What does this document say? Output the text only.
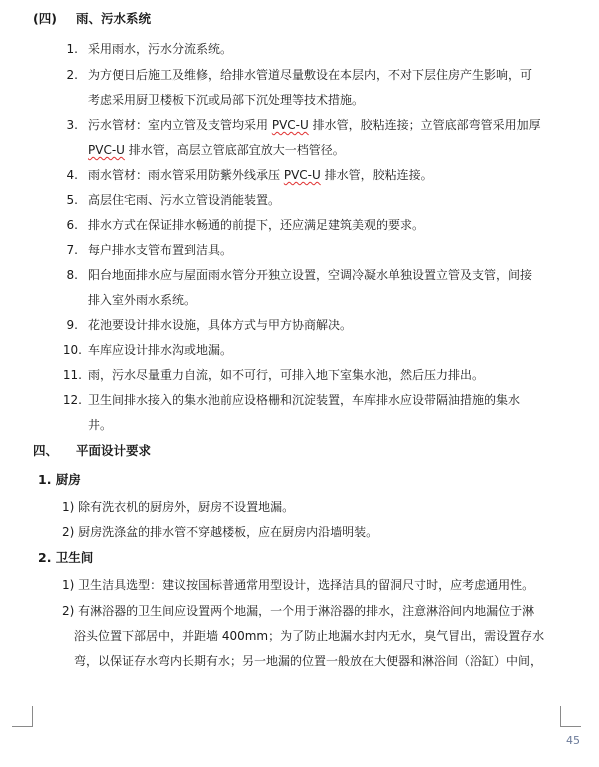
(四) 雨、污水系统
1. 采用雨水，污水分流系统。
2. 为方便日后施工及维修，给排水管道尽量敷设在本层内，不对下层住房产生影响，可
考虑采用厨卫楼板下沉或局部下沉处理等技术措施。
3. 污水管材：室内立管及支管均采用 PVC-U 排水管，胶粘连接；立管底部弯管采用加厚
PVC-U 排水管，高层立管底部宜放大一档管径。
4. 雨水管材：雨水管采用防紫外线承压 PVC-U 排水管，胶粘连接。
5. 高层住宅雨、污水立管设消能装置。
6. 排水方式在保证排水畅通的前提下，还应满足建筑美观的要求。
7. 每户排水支管布置到洁具。
8. 阳台地面排水应与屋面雨水管分开独立设置，空调冷凝水单独设置立管及支管，间接
排入室外雨水系统。
9. 花池要设计排水设施，具体方式与甲方协商解决。
10. 车库应设计排水沟或地漏。
11. 雨，污水尽量重力自流，如不可行，可排入地下室集水池，然后压力排出。
12. 卫生间排水接入的集水池前应设格栅和沉淀装置，车库排水应设带隔油措施的集水
井。
四、 平面设计要求
1. 厨房
1) 除有洗衣机的厨房外，厨房不设置地漏。
2) 厨房洗涤盆的排水管不穿越楼板，应在厨房内沿墙明装。
2. 卫生间
1) 卫生洁具选型：建议按国标普通常用型设计，选择洁具的留洞尺寸时，应考虑通用性。
2) 有淋浴器的卫生间应设置两个地漏，一个用于淋浴器的排水，注意淋浴间内地漏位于淋
浴头位置下部居中，并距墙 400mm；为了防止地漏水封内无水，臭气冒出，需设置存水
弯，以保证存水弯内长期有水；另一地漏的位置一般放在大便器和淋浴间（浴缸）中间，
45
